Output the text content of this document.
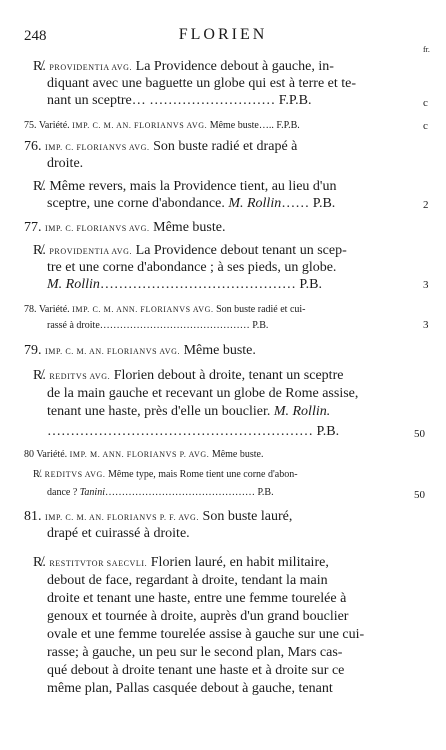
248	FLORIEN
fr.
R̸. PROVIDENTIA AVG. La Providence debout à gauche, in-
diquant avec une baguette un globe qui est à terre et te-
nant un sceptre… ……………………… F.P.B.
75. Variété. IMP. C. M. AN. FLORIANVS AVG. Même buste….. F.P.B.
76. IMP. C. FLORIANVS AVG. Son buste radié et drapé à
droite.
R̸. Même revers, mais la Providence tient, au lieu d'un
sceptre, une corne d'abondance. M. Rollin…… P.B.
77. IMP. C. FLORIANVS AVG. Même buste.
R̸. PROVIDENTIA AVG. La Providence debout tenant un scep-
tre et une corne d'abondance ; à ses pieds, un globe.
M. Rollin…………………………………… P.B.
78. Variété. IMP. C. M. ANN. FLORIANVS AVG. Son buste radié et cui-
rassé à droite……………………………………… P.B.
79. IMP. C. M. AN. FLORIANVS AVG. Même buste.
R̸. REDITVS AVG. Florien debout à droite, tenant un sceptre
de la main gauche et recevant un globe de Rome assise,
tenant une haste, près d'elle un bouclier. M. Rollin.
………………………………………………… P.B.
80 Variété. IMP. M. ANN. FLORIANVS P. AVG. Même buste.
R̸. REDITVS AVG. Même type, mais Rome tient une corne d'abon-
dance ? Tanini……………………………………… P.B.
81. IMP. C. M. AN. FLORIANVS P. F. AVG. Son buste lauré,
drapé et cuirassé à droite.
R̸. RESTITVTOR SAECVLI. Florien lauré, en habit militaire,
debout de face, regardant à droite, tendant la main
droite et tenant une haste, entre une femme tourelée à
genoux et tournée à droite, auprès d'un grand bouclier
ovale et une femme tourelée assise à gauche sur une cui-
rasse; à gauche, un peu sur le second plan, Mars cas-
qué debout à droite tenant une haste et à droite sur ce
même plan, Pallas casquée debout à gauche, tenant
c
c
2
3
3
50
50
